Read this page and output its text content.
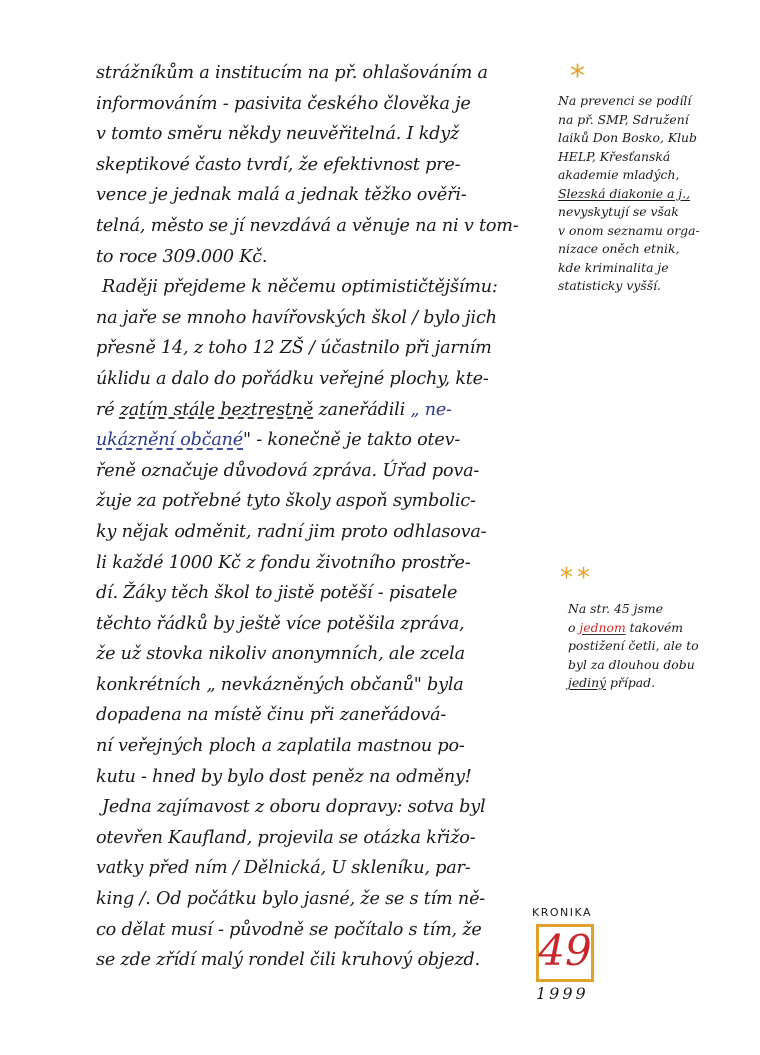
strážníkům a institucím na př. ohlašováním a
informováním - pasivita českého člověka je
v tomto směru někdy neuvěřitelná. I když
skeptikové často tvrdí, že efektivnost pre-
vence je jednak malá a jednak těžko ověři-
telná, město se jí nevzdává a věnuje na ni v tom-
to roce 309.000 Kč.
Raději přejdeme k něčemu optimističtějšímu:
na jaře se mnoho havířovských škol / bylo jich
přesně 14, z toho 12 ZŠ / účastnilo při jarním
úklidu a dalo do pořádku veřejné plochy, kte-
ré zatím stále beztrestně zaneřádili „ ne-
ukáznění občané" - konečně je takto otev-
řeně označuje důvodová zpráva. Úřad pova-
žuje za potřebné tyto školy aspoň symbolic-
ky nějak odměnit, radní jim proto odhlasova-
li každé 1000 Kč z fondu životního prostře-
dí. Žáky těch škol to jistě potěší - pisatele
těchto řádků by ještě více potěšila zpráva,
že už stovka nikoliv anonymních, ale zcela
konkrétních „ nevkázněných občanů" byla
dopadena na místě činu při zaneřádová-
ní veřejných ploch a zaplatila mastnou po-
kutu - hned by bylo dost peněz na odměny!
Jedna zajímavost z oboru dopravy: sotva byl
otevřen Kaufland, projevila se otázka křižo-
vatky před ním / Dělnická, U skleníku, par-
king /. Od počátku bylo jasné, že se s tím ně-
co dělat musí - původně se počítalo s tím, že
se zde zřídí malý rondel čili kruhový objezd.
*
Na prevenci se podílí
na př. SMP, Sdružení
laiků Don Bosko, Klub
HELP, Křesťanská
akademie mladých,
Slezská diakonie a j.,
nevyskytují se však
v onom seznamu orga-
nizace oněch etnik,
kde kriminalita je
statisticky vyšší.
**
Na str. 45 jsme
o jednom takovém
postižení četli, ale to
byl za dlouhou dobu
jediný případ.
KRONIKA
49
1999
